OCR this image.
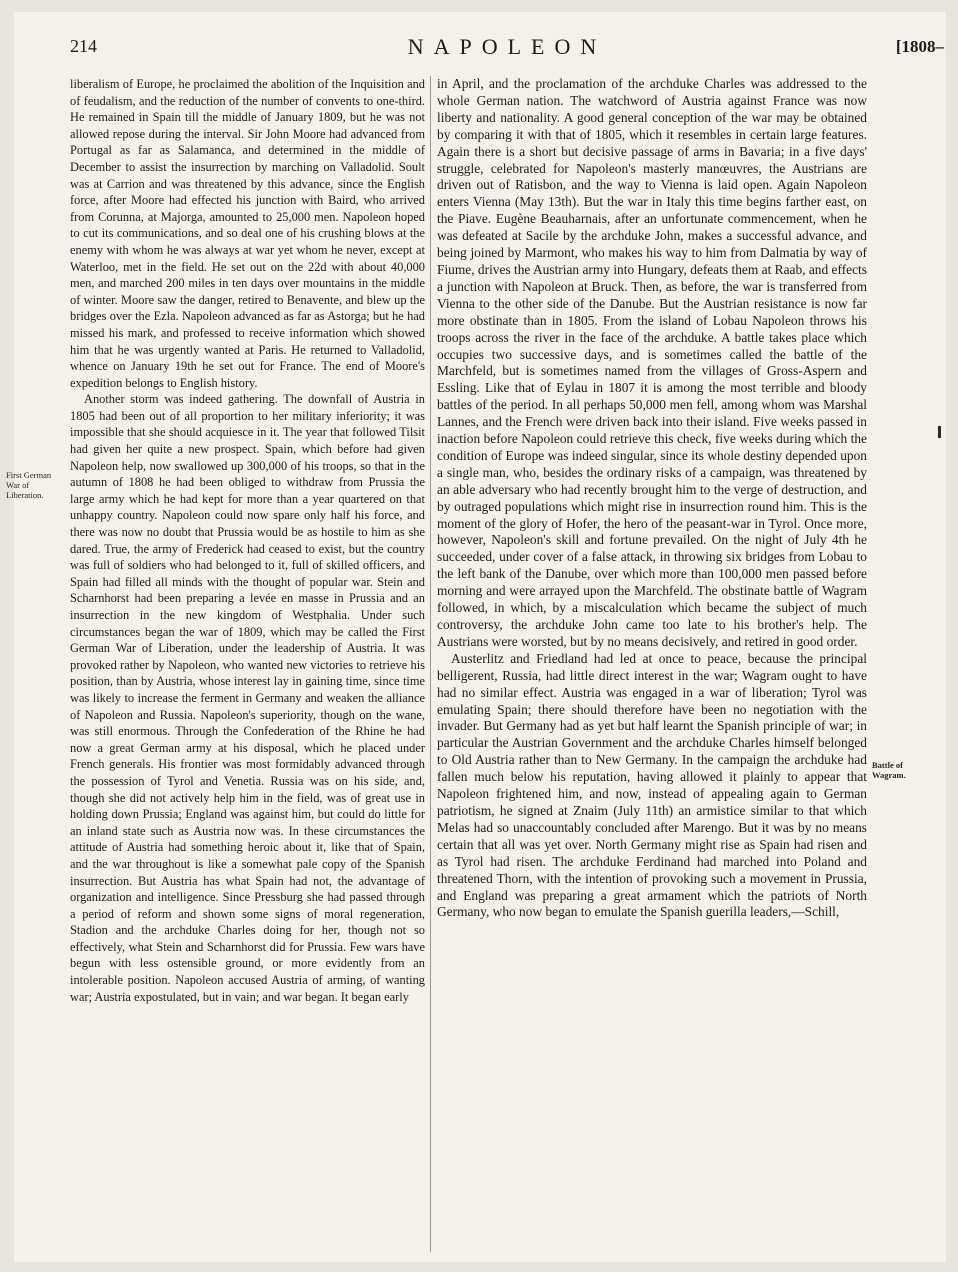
214	NAPOLEON	[1808–
First German War of Liberation.

liberalism of Europe, he proclaimed the abolition of the Inquisition and of feudalism, and the reduction of the number of convents to one-third. He remained in Spain till the middle of January 1809, but he was not allowed repose during the interval. Sir John Moore had advanced from Portugal as far as Salamanca, and determined in the middle of December to assist the insurrection by marching on Valladolid. Soult was at Carrion and was threatened by this advance, since the English force, after Moore had effected his junction with Baird, who arrived from Corunna, at Majorga, amounted to 25,000 men. Napoleon hoped to cut its communications, and so deal one of his crushing blows at the enemy with whom he was always at war yet whom he never, except at Waterloo, met in the field. He set out on the 22d with about 40,000 men, and marched 200 miles in ten days over mountains in the middle of winter. Moore saw the danger, retired to Benavente, and blew up the bridges over the Ezla. Napoleon advanced as far as Astorga; but he had missed his mark, and professed to receive information which showed him that he was urgently wanted at Paris. He returned to Valladolid, whence on January 19th he set out for France. The end of Moore's expedition belongs to English history.

Another storm was indeed gathering. The downfall of Austria in 1805 had been out of all proportion to her military inferiority; it was impossible that she should acquiesce in it. The year that followed Tilsit had given her quite a new prospect. Spain, which before had given Napoleon help, now swallowed up 300,000 of his troops, so that in the autumn of 1808 he had been obliged to withdraw from Prussia the large army which he had kept for more than a year quartered on that unhappy country. Napoleon could now spare only half his force, and there was now no doubt that Prussia would be as hostile to him as she dared. True, the army of Frederick had ceased to exist, but the country was full of soldiers who had belonged to it, full of skilled officers, and Spain had filled all minds with the thought of popular war. Stein and Scharnhorst had been preparing a levée en masse in Prussia and an insurrection in the new kingdom of Westphalia. Under such circumstances began the war of 1809, which may be called the First German War of Liberation, under the leadership of Austria. It was provoked rather by Napoleon, who wanted new victories to retrieve his position, than by Austria, whose interest lay in gaining time, since time was likely to increase the ferment in Germany and weaken the alliance of Napoleon and Russia. Napoleon's superiority, though on the wane, was still enormous. Through the Confederation of the Rhine he had now a great German army at his disposal, which he placed under French generals. His frontier was most formidably advanced through the possession of Tyrol and Venetia. Russia was on his side, and, though she did not actively help him in the field, was of great use in holding down Prussia; England was against him, but could do little for an inland state such as Austria now was. In these circumstances the attitude of Austria had something heroic about it, like that of Spain, and the war throughout is like a somewhat pale copy of the Spanish insurrection. But Austria has what Spain had not, the advantage of organization and intelligence. Since Pressburg she had passed through a period of reform and shown some signs of moral regeneration, Stadion and the archduke Charles doing for her, though not so effectively, what Stein and Scharnhorst did for Prussia. Few wars have begun with less ostensible ground, or more evidently from an intolerable position. Napoleon accused Austria of arming, of wanting war; Austria expostulated, but in vain; and war began. It began early

in April, and the proclamation of the archduke Charles was addressed to the whole German nation. The watchword of Austria against France was now liberty and nationality. A good general conception of the war may be obtained by comparing it with that of 1805, which it resembles in certain large features. Again there is a short but decisive passage of arms in Bavaria; in a five days' struggle, celebrated for Napoleon's masterly manœuvres, the Austrians are driven out of Ratisbon, and the way to Vienna is laid open. Again Napoleon enters Vienna (May 13th). But the war in Italy this time begins farther east, on the Piave. Eugène Beauharnais, after an unfortunate commencement, when he was defeated at Sacile by the archduke John, makes a successful advance, and being joined by Marmont, who makes his way to him from Dalmatia by way of Fiume, drives the Austrian army into Hungary, defeats them at Raab, and effects a junction with Napoleon at Bruck. Then, as before, the war is transferred from Vienna to the other side of the Danube. But the Austrian resistance is now far more obstinate than in 1805. From the island of Lobau Napoleon throws his troops across the river in the face of the archduke. A battle takes place which occupies two successive days, and is sometimes called the battle of the Marchfeld, but is sometimes named from the villages of Gross-Aspern and Essling. Like that of Eylau in 1807 it is among the most terrible and bloody battles of the period. In all perhaps 50,000 men fell, among whom was Marshal Lannes, and the French were driven back into their island. Five weeks passed in inaction before Napoleon could retrieve this check, five weeks during which the condition of Europe was indeed singular, since its whole destiny depended upon a single man, who, besides the ordinary risks of a campaign, was threatened by an able adversary who had recently brought him to the verge of destruction, and by outraged populations which might rise in insurrection round him. This is the moment of the glory of Hofer, the hero of the peasant-war in Tyrol. Once more, however, Napoleon's skill and fortune prevailed. On the night of July 4th he succeeded, under cover of a false attack, in throwing six bridges from Lobau to the left bank of the Danube, over which more than 100,000 men passed before morning and were arrayed upon the Marchfeld. The obstinate battle of Wagram followed, in which, by a miscalculation which became the subject of much controversy, the archduke John came too late to his brother's help. The Austrians were worsted, but by no means decisively, and retired in good order.

Austerlitz and Friedland had led at once to peace, because the principal belligerent, Russia, had little direct interest in the war; Wagram ought to have had no similar effect. Austria was engaged in a war of liberation; Tyrol was emulating Spain; there should therefore have been no negotiation with the invader. But Germany had as yet but half learnt the Spanish principle of war; in particular the Austrian Government and the archduke Charles himself belonged to Old Austria rather than to New Germany. In the campaign the archduke had fallen much below his reputation, having allowed it plainly to appear that Napoleon frightened him, and now, instead of appealing again to German patriotism, he signed at Znaim (July 11th) an armistice similar to that which Melas had so unaccountably concluded after Marengo. But it was by no means certain that all was yet over. North Germany might rise as Spain had risen and as Tyrol had risen. The archduke Ferdinand had marched into Poland and threatened Thorn, with the intention of provoking such a movement in Prussia, and England was preparing a great armament which the patriots of North Germany, who now began to emulate the Spanish guerilla leaders,—Schill,

Battle of Wagram.
